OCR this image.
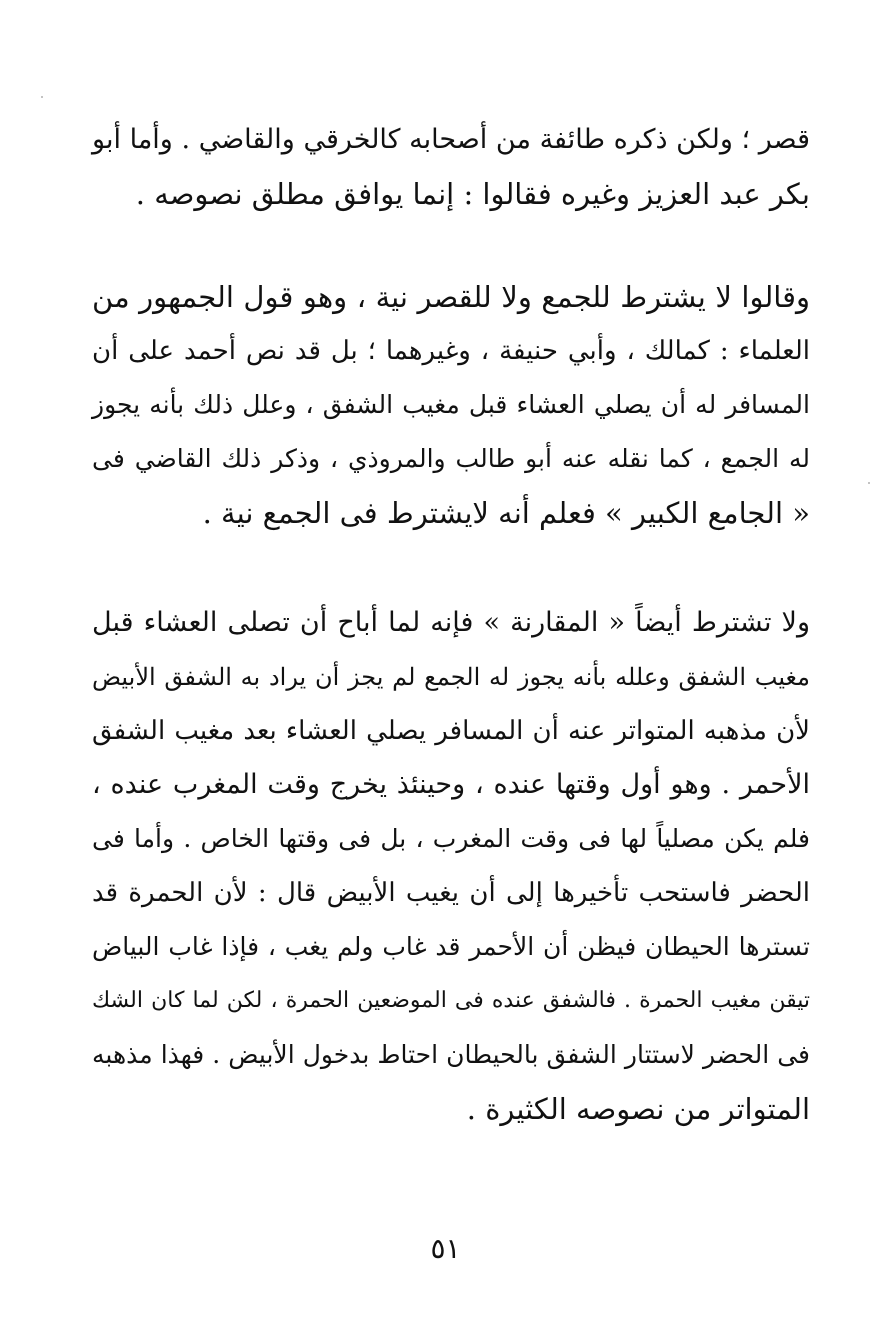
قصر ؛ ولكن ذكره طائفة من أصحابه كالخرقي والقاضي . وأما أبو
بكر عبد العزيز وغيره فقالوا : إنما يوافق مطلق نصوصه .
وقالوا لا يشترط للجمع ولا للقصر نية ، وهو قول الجمهور من
العلماء : كمالك ، وأبي حنيفة ، وغيرهما ؛ بل قد نص أحمد على أن
المسافر له أن يصلي العشاء قبل مغيب الشفق ، وعلل ذلك بأنه يجوز
له الجمع ، كما نقله عنه أبو طالب والمروذي ، وذكر ذلك القاضي فى
« الجامع الكبير » فعلم أنه لايشترط فى الجمع نية .
ولا تشترط أيضاً « المقارنة » فإنه لما أباح أن تصلى العشاء قبل
مغيب الشفق وعلله بأنه يجوز له الجمع لم يجز أن يراد به الشفق الأبيض
لأن مذهبه المتواتر عنه أن المسافر يصلي العشاء بعد مغيب الشفق
الأحمر . وهو أول وقتها عنده ، وحينئذ يخرج وقت المغرب عنده ،
فلم يكن مصلياً لها فى وقت المغرب ، بل فى وقتها الخاص . وأما فى
الحضر فاستحب تأخيرها إلى أن يغيب الأبيض قال : لأن الحمرة قد
تسترها الحيطان فيظن أن الأحمر قد غاب ولم يغب ، فإذا غاب البياض
تيقن مغيب الحمرة . فالشفق عنده فى الموضعين الحمرة ، لكن لما كان الشك
فى الحضر لاستتار الشفق بالحيطان احتاط بدخول الأبيض . فهذا مذهبه
المتواتر من نصوصه الكثيرة .
٥١
